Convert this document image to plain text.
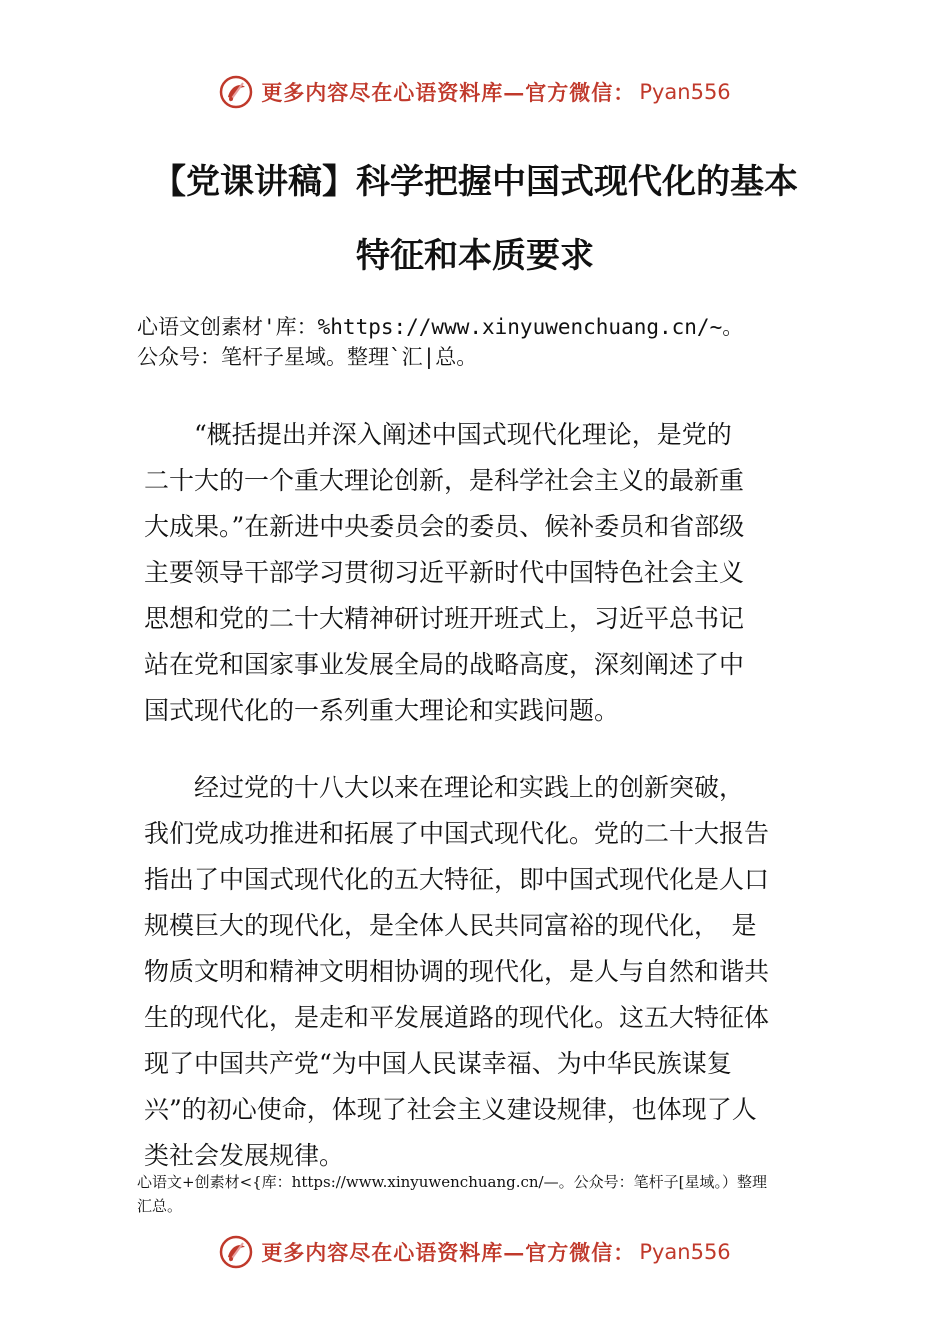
更多内容尽在心语资料库—官方微信： Pyan556
【党课讲稿】科学把握中国式现代化的基本
特征和本质要求
心语文创素材'库：%https://www.xinyuwenchuang.cn/~。
公众号：笔杆子星域。整理`汇|总。
　　“概括提出并深入阐述中国式现代化理论，是党的
二十大的一个重大理论创新，是科学社会主义的最新重
大成果。”在新进中央委员会的委员、候补委员和省部级
主要领导干部学习贯彻习近平新时代中国特色社会主义
思想和党的二十大精神研讨班开班式上，习近平总书记
站在党和国家事业发展全局的战略高度，深刻阐述了中
国式现代化的一系列重大理论和实践问题。
　　经过党的十八大以来在理论和实践上的创新突破，
我们党成功推进和拓展了中国式现代化。党的二十大报告
指出了中国式现代化的五大特征，即中国式现代化是人口
规模巨大的现代化，是全体人民共同富裕的现代化，　是
物质文明和精神文明相协调的现代化，是人与自然和谐共
生的现代化，是走和平发展道路的现代化。这五大特征体
现了中国共产党“为中国人民谋幸福、为中华民族谋复
兴”的初心使命，体现了社会主义建设规律，也体现了人
类社会发展规律。
心语文+创素材<{库：https://www.xinyuwenchuang.cn/—。公众号：笔杆子[星域。）整理
汇总。
更多内容尽在心语资料库—官方微信： Pyan556
